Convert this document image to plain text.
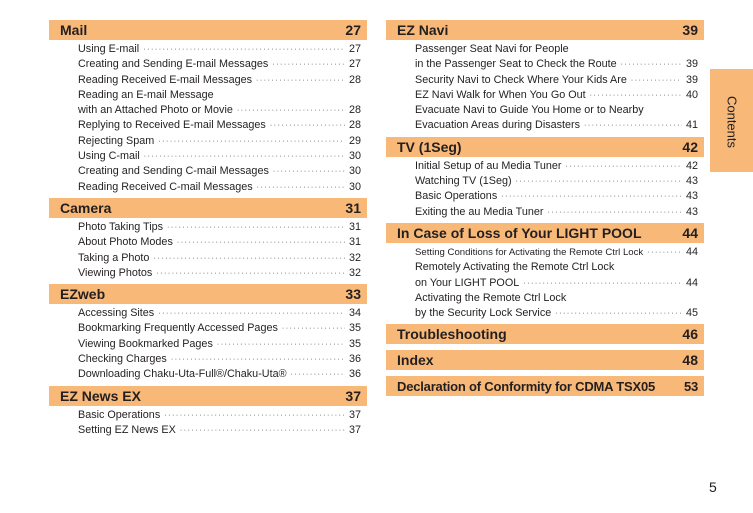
Mail	27
Using E-mail · · ·	27
Creating and Sending E-mail Messages · · ·	27
Reading Received E-mail Messages · · ·	28
Reading an E-mail Message
with an Attached Photo or Movie · · ·	28
Replying to Received E-mail Messages · · ·	28
Rejecting Spam · · ·	29
Using C-mail · · ·	30
Creating and Sending C-mail Messages · · ·	30
Reading Received C-mail Messages · · ·	30
Camera	31
Photo Taking Tips · · ·	31
About Photo Modes · · ·	31
Taking a Photo · · ·	32
Viewing Photos · · ·	32
EZweb	33
Accessing Sites · · ·	34
Bookmarking Frequently Accessed Pages · · ·	35
Viewing Bookmarked Pages · · ·	35
Checking Charges · · ·	36
Downloading Chaku-Uta-Full®/Chaku-Uta® · · ·	36
EZ News EX	37
Basic Operations · · ·	37
Setting EZ News EX · · ·	37
EZ Navi	39
Passenger Seat Navi for People
in the Passenger Seat to Check the Route · · ·	39
Security Navi to Check Where Your Kids Are · · ·	39
EZ Navi Walk for When You Go Out · · ·	40
Evacuate Navi to Guide You Home or to Nearby
Evacuation Areas during Disasters · · ·	41
TV (1Seg)	42
Initial Setup of au Media Tuner · · ·	42
Watching TV (1Seg) · · ·	43
Basic Operations · · ·	43
Exiting the au Media Tuner · · ·	43
In Case of Loss of Your LIGHT POOL	44
Setting Conditions for Activating the Remote Ctrl Lock · · ·	44
Remotely Activating the Remote Ctrl Lock
on Your LIGHT POOL · · ·	44
Activating the Remote Ctrl Lock
by the Security Lock Service · · ·	45
Troubleshooting	46
Index	48
Declaration of Conformity for CDMA TSX05 53
Contents
5
